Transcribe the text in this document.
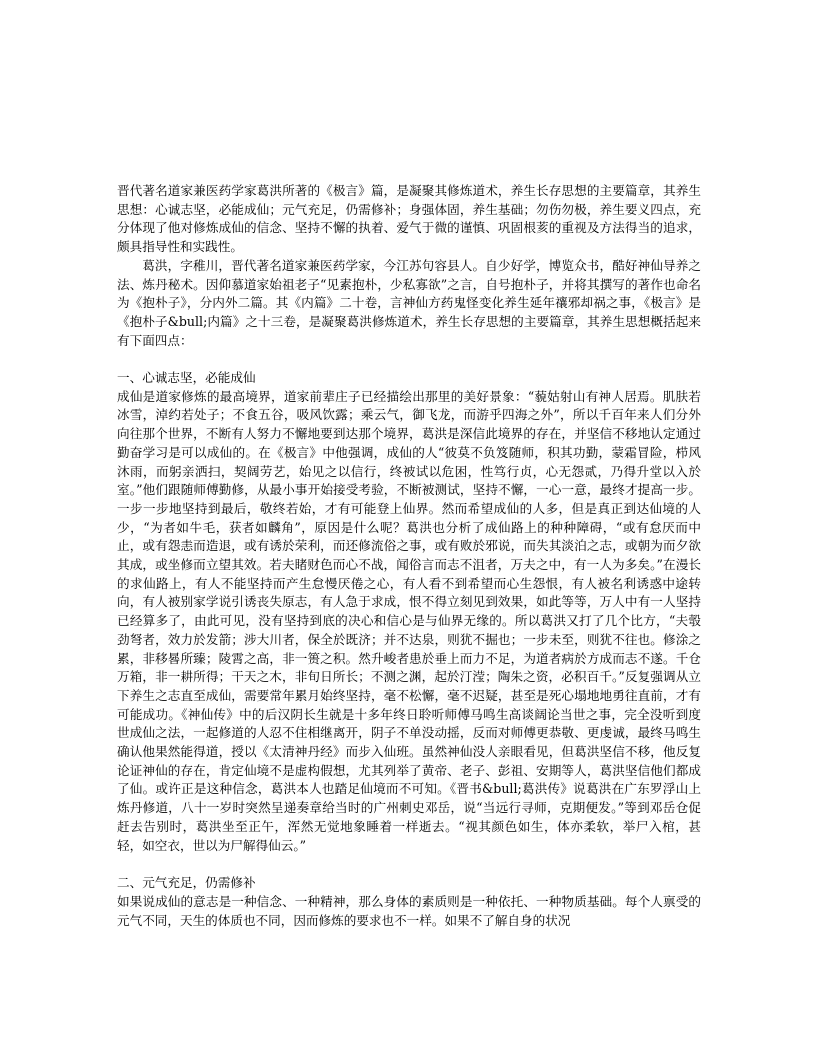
晋代著名道家兼医药学家葛洪所著的《极言》篇，是凝聚其修炼道术，养生长存思想的主要篇章，其养生思想：心诚志坚，必能成仙；元气充足，仍需修补；身强体固，养生基础；勿伤勿极，养生要义四点，充分体现了他对修炼成仙的信念、坚持不懈的执着、爱气于微的谨慎、巩固根荄的重视及方法得当的追求，颇具指导性和实践性。

葛洪，字稚川，晋代著名道家兼医药学家，今江苏句容县人。自少好学，博览众书，酷好神仙导养之法、炼丹秘术。因仰慕道家始祖老子“见素抱朴，少私寡欲”之言，自号抱朴子，并将其撰写的著作也命名为《抱朴子》，分内外二篇。其《内篇》二十卷，言神仙方药鬼怪变化养生延年禳邪却祸之事，《极言》是《抱朴子&bull;内篇》之十三卷，是凝聚葛洪修炼道术，养生长存思想的主要篇章，其养生思想概括起来有下面四点：

一、心诚志坚，必能成仙

成仙是道家修炼的最高境界，道家前辈庄子已经描绘出那里的美好景象：“藐姑射山有神人居焉。肌肤若冰雪，淖约若处子；不食五谷，吸风饮露；乘云气，御飞龙，而游乎四海之外”，所以千百年来人们分外向往那个世界，不断有人努力不懈地要到达那个境界，葛洪是深信此境界的存在，并坚信不移地认定通过勤奋学习是可以成仙的。在《极言》中他强调，成仙的人“彼莫不负笈随师，积其功勤，蒙霜冒险，栉风沐雨，而躬亲洒扫，契阔劳艺，始见之以信行，终被试以危困，性笃行贞，心无怨贰，乃得升堂以入於室。”他们跟随师傅勤修，从最小事开始接受考验，不断被测试，坚持不懈，一心一意，最终才提高一步。一步一步地坚持到最后，敬终若始，才有可能登上仙界。然而希望成仙的人多，但是真正到达仙境的人少，“为者如牛毛，获者如麟角”，原因是什么呢？葛洪也分析了成仙路上的种种障碍，“或有怠厌而中止，或有怨恚而造退，或有诱於荣利，而还修流俗之事，或有败於邪说，而失其淡泊之志，或朝为而夕欲其成，或坐修而立望其效。若夫睹财色而心不战，闻俗言而志不沮者，万夫之中，有一人为多矣。”在漫长的求仙路上，有人不能坚持而产生怠慢厌倦之心，有人看不到希望而心生怨恨，有人被名利诱惑中途转向，有人被别家学说引诱丧失原志，有人急于求成，恨不得立刻见到效果，如此等等，万人中有一人坚持已经算多了，由此可见，没有坚持到底的决心和信心是与仙界无缘的。所以葛洪又打了几个比方，“夫彀劲弩者，效力於发箭；涉大川者，保全於既济；并不达泉，则犹不掘也；一步未至，则犹不往也。修涂之累，非移晷所臻；陵霄之高，非一篑之积。然升峻者患於垂上而力不足，为道者病於方成而志不遂。千仓万箱，非一耕所得；干天之木，非旬日所长；不测之渊，起於汀滢；陶朱之资，必积百千。”反复强调从立下养生之志直至成仙，需要常年累月始终坚持，毫不松懈，毫不迟疑，甚至是死心塌地地勇往直前，才有可能成功。《神仙传》中的后汉阴长生就是十多年终日聆听师傅马鸣生高谈阔论当世之事，完全没听到度世成仙之法，一起修道的人忍不住相继离开，阴子不单没动摇，反而对师傅更恭敬、更虔诚，最终马鸣生确认他果然能得道，授以《太清神丹经》而步入仙班。虽然神仙没人亲眼看见，但葛洪坚信不移，他反复论证神仙的存在，肯定仙境不是虚构假想，尤其列举了黄帝、老子、彭祖、安期等人，葛洪坚信他们都成了仙。或许正是这种信念，葛洪本人也踏足仙境而不可知。《晋书&bull;葛洪传》说葛洪在广东罗浮山上炼丹修道，八十一岁时突然呈递奏章给当时的广州刺史邓岳，说“当远行寻师，克期便发。”等到邓岳仓促赶去告别时，葛洪坐至正午，浑然无觉地象睡着一样逝去。“视其颜色如生，体亦柔软，举尸入棺，甚轻，如空衣，世以为尸解得仙云。”

二、元气充足，仍需修补

如果说成仙的意志是一种信念、一种精神，那么身体的素质则是一种依托、一种物质基础。每个人禀受的元气不同，天生的体质也不同，因而修炼的要求也不一样。如果不了解自身的状况
